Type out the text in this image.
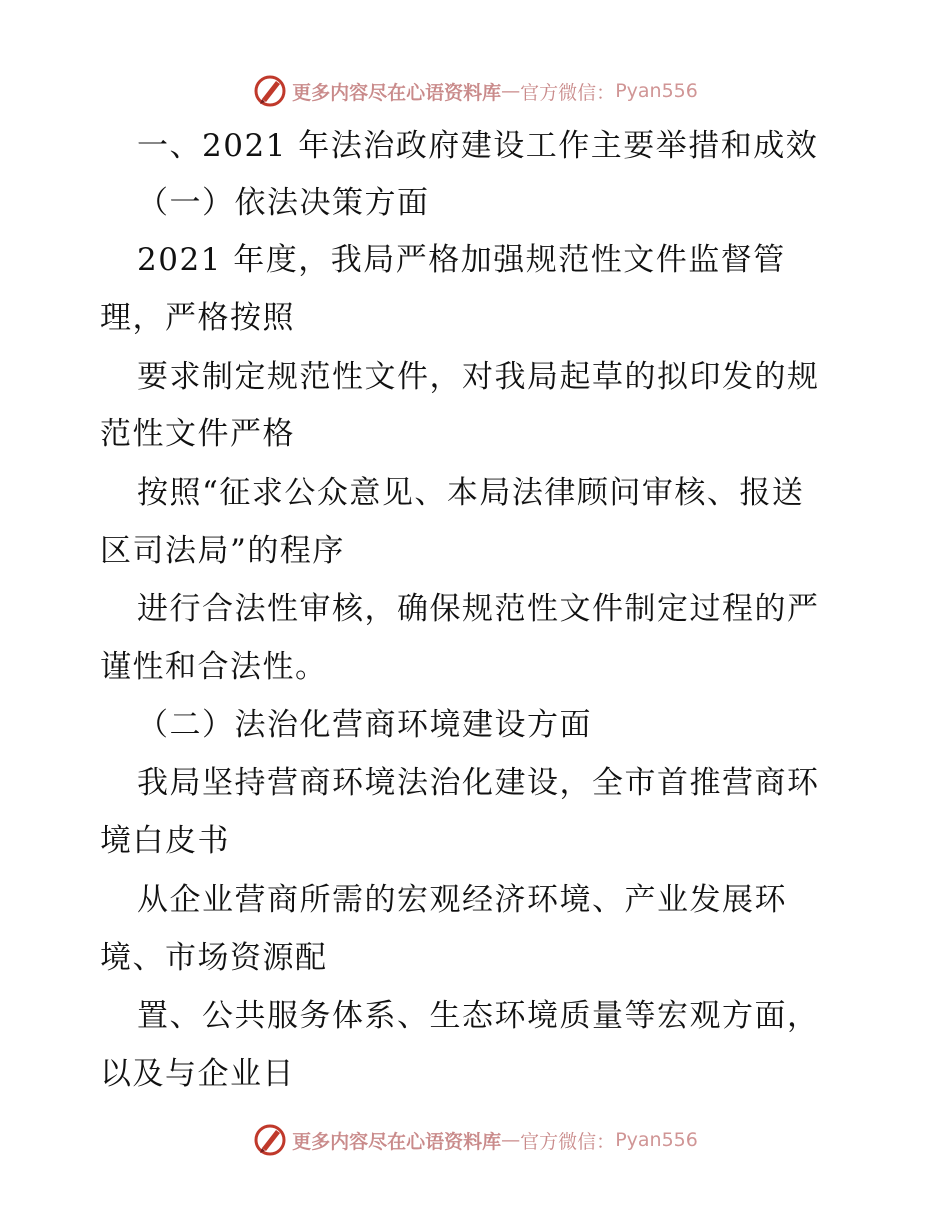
更多内容尽在心语资料库 — 官方微信： Pyan556
一、2021 年法治政府建设工作主要举措和成效
（一）依法决策方面
2021 年度，我局严格加强规范性文件监督管
理，严格按照
要求制定规范性文件，对我局起草的拟印发的规
范性文件严格
按照“征求公众意见、本局法律顾问审核、报送
区司法局”的程序
进行合法性审核，确保规范性文件制定过程的严
谨性和合法性。
（二）法治化营商环境建设方面
我局坚持营商环境法治化建设，全市首推营商环
境白皮书
从企业营商所需的宏观经济环境、产业发展环
境、市场资源配
置、公共服务体系、生态环境质量等宏观方面，
以及与企业日
更多内容尽在心语资料库 — 官方微信： Pyan556
